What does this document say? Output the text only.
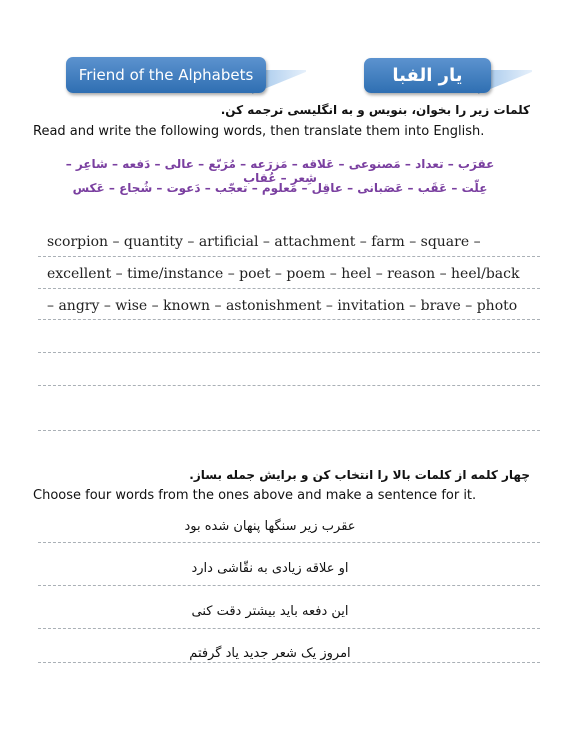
Friend of the Alphabets	یار الفبا
کلمات زیر را بخوان، بنویس و به انگلیسی ترجمه کن.
Read and write the following words, then translate them into English.
عقرَب – تعداد – مَصنوعی – عَلاقه – مَزرَعه – مُرَبّع – عالی – دَفعه – شاعِر – شِعر – عُقاب
عِلّت – عَقَب – عَصَبانی – عاقِل – مَعلوم – تعجّب – دَعوت – شُجاع – عَکس
scorpion – quantity – artificial – attachment – farm – square –
excellent – time/instance – poet – poem – heel – reason – heel/back
– angry – wise – known – astonishment – invitation – brave – photo
چهار کلمه از کلمات بالا را انتخاب کن و برایش جمله بساز.
Choose four words from the ones above and make a sentence for it.
عقرب زیر سنگها پنهان شده بود
او علاقه زیادی به نقّاشی دارد
این دفعه باید بیشتر دقت کنی
امروز یک شعر جدید یاد گرفتم
